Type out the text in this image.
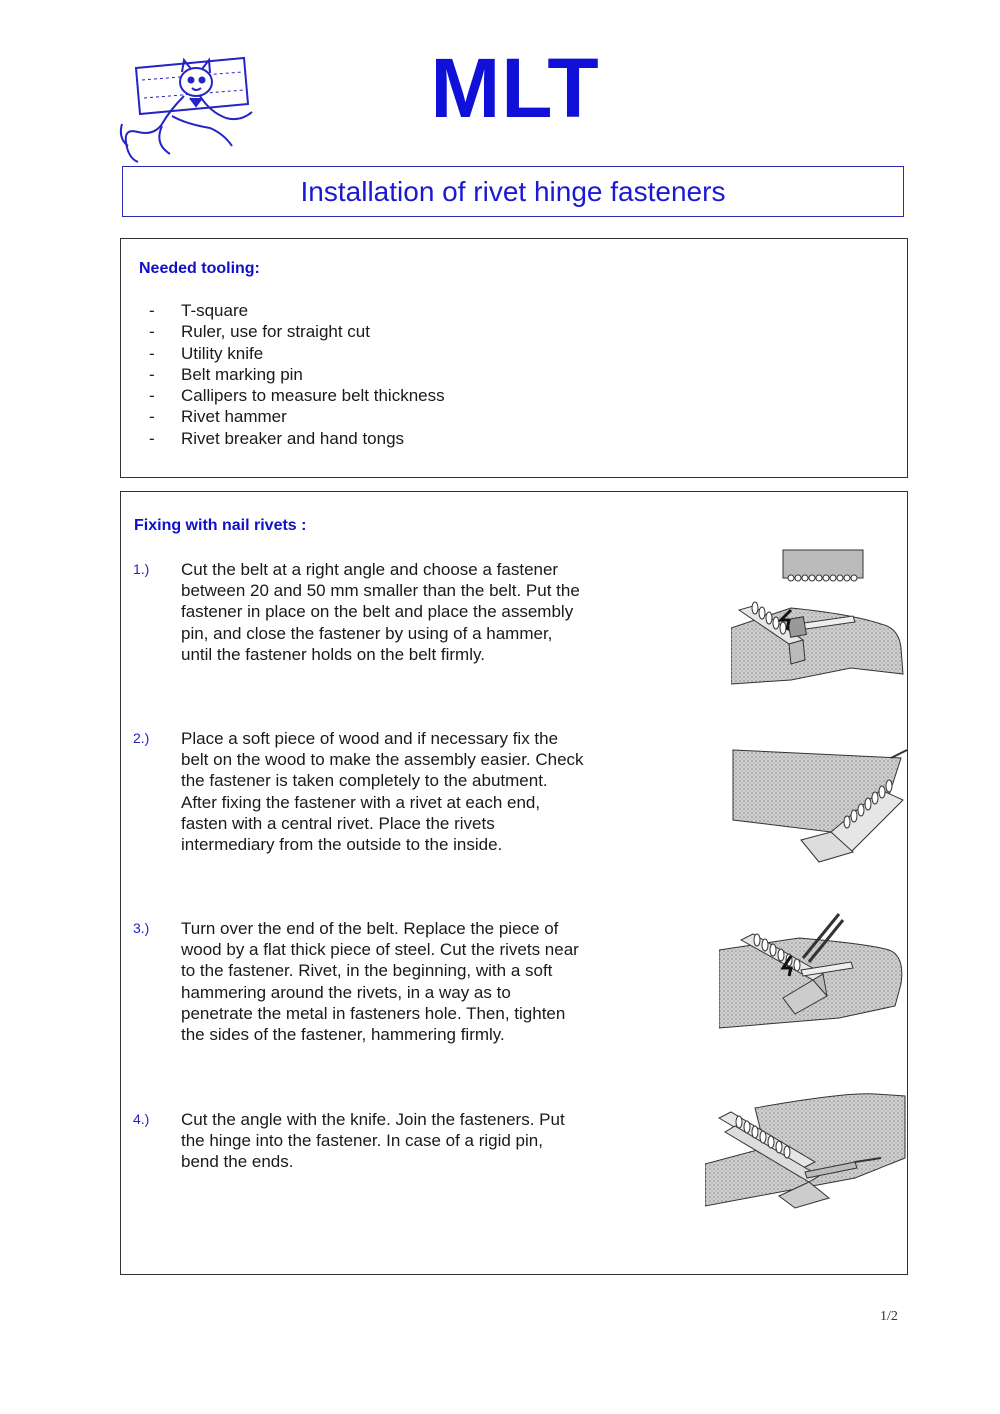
MLT
Installation of rivet hinge fasteners
Needed tooling:
- T-square
- Ruler, use for straight cut
- Utility knife
- Belt marking pin
- Callipers to measure belt thickness
- Rivet hammer
- Rivet breaker and hand tongs
Fixing with nail rivets :
1.) Cut the belt at a right angle and choose a fastener
between 20 and 50 mm smaller than the belt. Put the
fastener in place on the belt and place the assembly
pin, and close the fastener by using of a hammer,
until the fastener holds on the belt firmly.
2.) Place a soft piece of wood and if necessary fix the
belt on the wood to make the assembly easier. Check
the fastener is taken completely to the abutment.
After fixing the fastener with a rivet at each end,
fasten with a central rivet. Place the rivets
intermediary from the outside to the inside.
3.) Turn over the end of the belt. Replace the piece of
wood by a flat thick piece of steel. Cut the rivets near
to the fastener. Rivet, in the beginning, with a soft
hammering around the rivets, in a way as to
penetrate the metal in fasteners hole. Then, tighten
the sides of the fastener, hammering firmly.
4.) Cut the angle with the knife. Join the fasteners. Put
the hinge into the fastener. In case of a rigid pin,
bend the ends.
1/2
